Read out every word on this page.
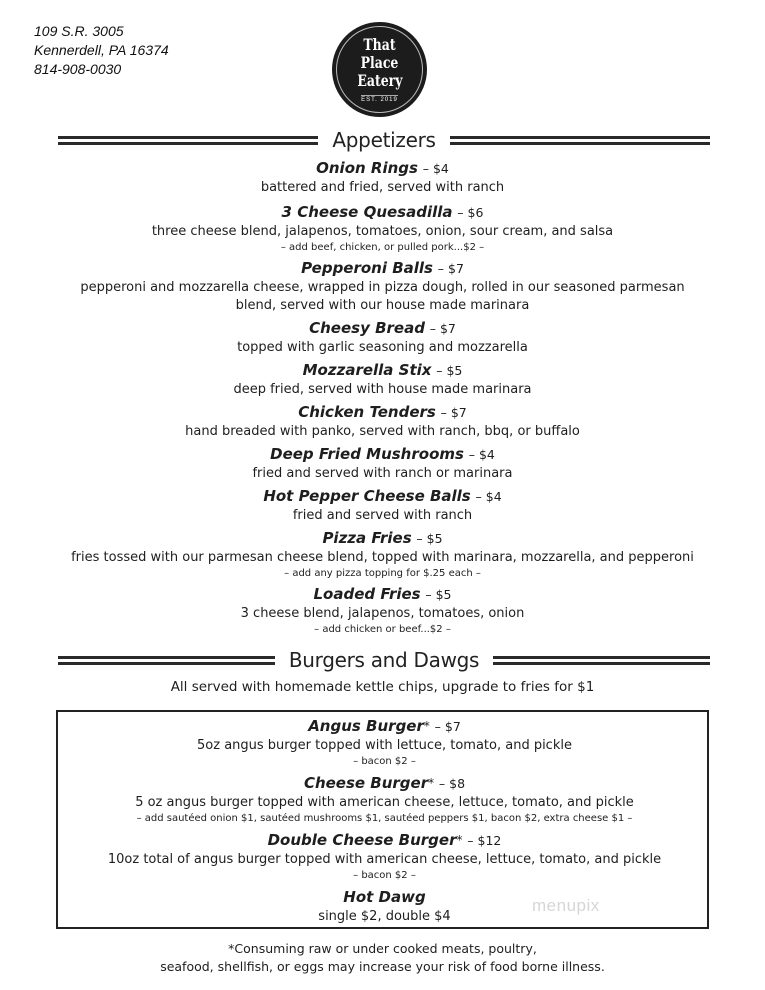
109 S.R. 3005
Kennerdell, PA 16374
814-908-0030
That Place
Eatery
EST. 2019
Appetizers
Onion Rings – $4
battered and fried, served with ranch
3 Cheese Quesadilla – $6
three cheese blend, jalapenos, tomatoes, onion, sour cream, and salsa
– add beef, chicken, or pulled pork...$2 –
Pepperoni Balls – $7
pepperoni and mozzarella cheese, wrapped in pizza dough, rolled in our seasoned parmesan
blend, served with our house made marinara
Cheesy Bread – $7
topped with garlic seasoning and mozzarella
Mozzarella Stix – $5
deep fried, served with house made marinara
Chicken Tenders – $7
hand breaded with panko, served with ranch, bbq, or buffalo
Deep Fried Mushrooms – $4
fried and served with ranch or marinara
Hot Pepper Cheese Balls – $4
fried and served with ranch
Pizza Fries – $5
fries tossed with our parmesan cheese blend, topped with marinara, mozzarella, and pepperoni
– add any pizza topping for $.25 each –
Loaded Fries – $5
3 cheese blend, jalapenos, tomatoes, onion
– add chicken or beef...$2 –
Burgers and Dawgs
All served with homemade kettle chips, upgrade to fries for $1
Angus Burger* – $7
5oz angus burger topped with lettuce, tomato, and pickle
– bacon $2 –
Cheese Burger* – $8
5 oz angus burger topped with american cheese, lettuce, tomato, and pickle
– add sautéed onion $1, sautéed mushrooms $1, sautéed peppers $1, bacon $2, extra cheese $1 –
Double Cheese Burger* – $12
10oz total of angus burger topped with american cheese, lettuce, tomato, and pickle
– bacon $2 –
Hot Dawg
single $2, double $4
menupix
*Consuming raw or under cooked meats, poultry,
seafood, shellfish, or eggs may increase your risk of food borne illness.
